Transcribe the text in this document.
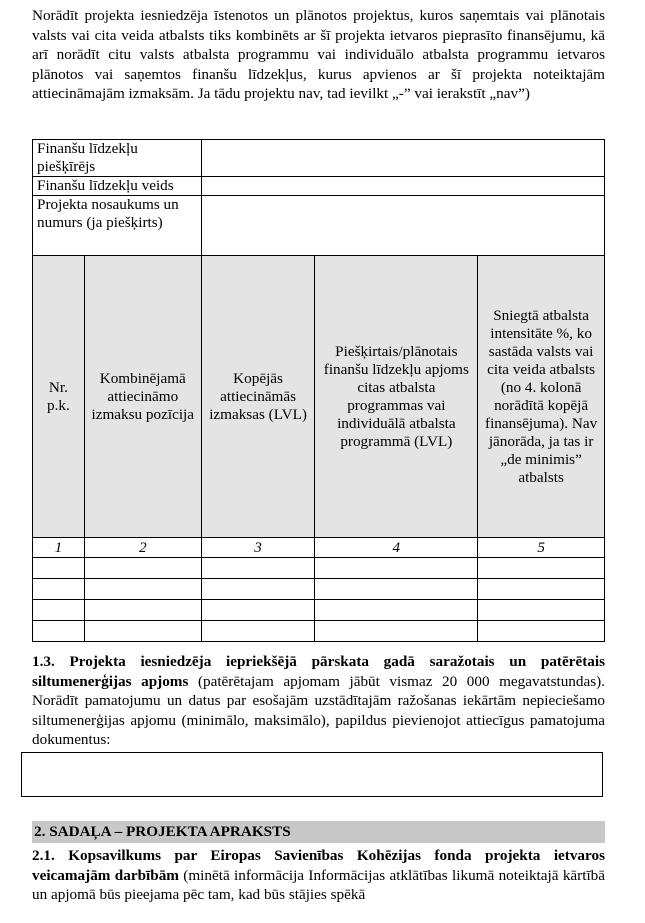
Norādīt projekta iesniedzēja īstenotos un plānotos projektus, kuros saņemtais vai plānotais valsts vai cita veida atbalsts tiks kombinēts ar šī projekta ietvaros pieprasīto finansējumu, kā arī norādīt citu valsts atbalsta programmu vai individuālo atbalsta programmu ietvaros plānotos vai saņemtos finanšu līdzekļus, kurus apvienos ar šī projekta noteiktajām attiecināmajām izmaksām. Ja tādu projektu nav, tad ievilkt „-” vai ierakstīt „nav”)
Finanšu līdzekļu piešķīrējs				
Finanšu līdzekļu veids				
Projekta nosaukums un numurs (ja piešķirts)				
Nr. p.k.	Kombinējamā attiecināmo izmaksu pozīcija	Kopējās attiecināmās izmaksas (LVL)	Piešķirtais/plānotais finanšu līdzekļu apjoms citas atbalsta programmas vai individuālā atbalsta programmā (LVL)	Sniegtā atbalsta intensitāte %, ko sastāda valsts vai cita veida atbalsts (no 4. kolonā norādītā kopējā finansējuma). Nav jānorāda, ja tas ir „de minimis” atbalsts
1	2	3	4	5

1.3. Projekta iesniedzēja iepriekšējā pārskata gadā saražotais un patērētais siltumenerģijas apjoms (patērētajam apjomam jābūt vismaz 20 000 megavatstundas). Norādīt pamatojumu un datus par esošajām uzstādītajām ražošanas iekārtām nepieciešamo siltumenerģijas apjomu (minimālo, maksimālo), papildus pievienojot attiecīgus pamatojuma dokumentus:
2. SADAĻA – PROJEKTA APRAKSTS
2.1. Kopsavilkums par Eiropas Savienības Kohēzijas fonda projekta ietvaros veicamajām darbībām (minētā informācija Informācijas atklātības likumā noteiktajā kārtībā un apjomā būs pieejama pēc tam, kad būs stājies spēkā
